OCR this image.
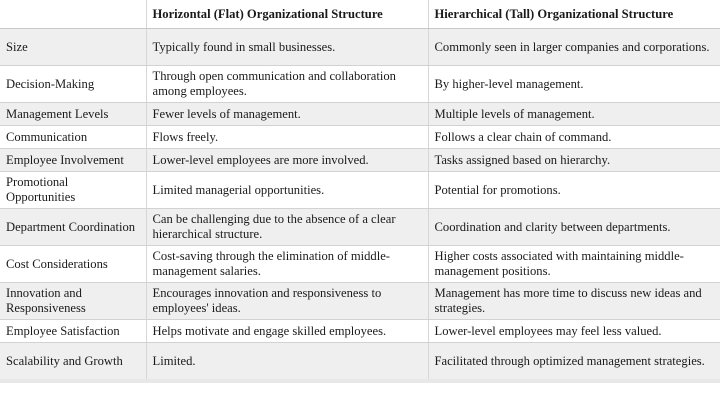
	Horizontal (Flat) Organizational Structure	Hierarchical (Tall) Organizational Structure
Size	Typically found in small businesses.	Commonly seen in larger companies and corporations.
Decision-Making	Through open communication and collaboration among employees.	By higher-level management.
Management Levels	Fewer levels of management.	Multiple levels of management.
Communication	Flows freely.	Follows a clear chain of command.
Employee Involvement	Lower-level employees are more involved.	Tasks assigned based on hierarchy.
Promotional Opportunities	Limited managerial opportunities.	Potential for promotions.
Department Coordination	Can be challenging due to the absence of a clear hierarchical structure.	Coordination and clarity between departments.
Cost Considerations	Cost-saving through the elimination of middle-management salaries.	Higher costs associated with maintaining middle-management positions.
Innovation and Responsiveness	Encourages innovation and responsiveness to employees' ideas.	Management has more time to discuss new ideas and strategies.
Employee Satisfaction	Helps motivate and engage skilled employees.	Lower-level employees may feel less valued.
Scalability and Growth	Limited.	Facilitated through optimized management strategies.
